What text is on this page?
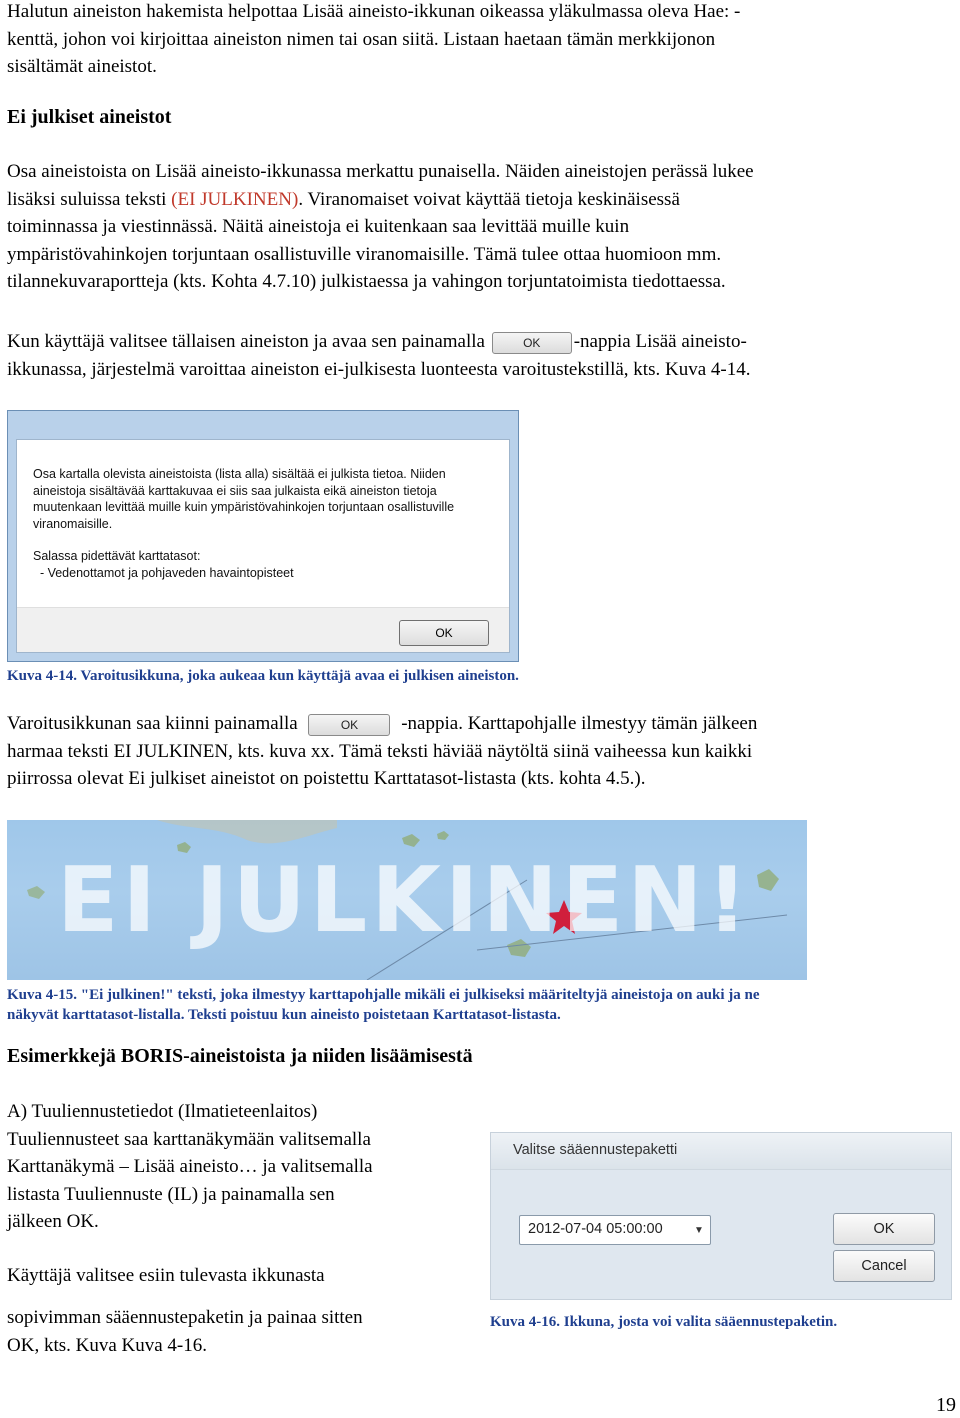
Halutun aineiston hakemista helpottaa Lisää aineisto-ikkunan oikeassa yläkulmassa oleva Hae: -

kenttä, johon voi kirjoittaa aineiston nimen tai osan siitä. Listaan haetaan tämän merkkijonon

sisältämät aineistot.

Ei julkiset aineistot

Osa aineistoista on Lisää aineisto-ikkunassa merkattu punaisella. Näiden aineistojen perässä lukee

lisäksi suluissa teksti (EI JULKINEN). Viranomaiset voivat käyttää tietoja keskinäisessä

toiminnassa ja viestinnässä. Näitä aineistoja ei kuitenkaan saa levittää muille kuin

ympäristövahinkojen torjuntaan osallistuville viranomaisille. Tämä tulee ottaa huomioon mm.

tilannekuvaraportteja (kts. Kohta 4.7.10) julkistaessa ja vahingon torjuntatoimista tiedottaessa.

Kun käyttäjä valitsee tällaisen aineiston ja avaa sen painamalla	OK -nappia Lisää aineisto-

ikkunassa, järjestelmä varoittaa aineiston ei-julkisesta luonteesta varoitustekstillä, kts. Kuva 4-14.

Osa kartalla olevista aineistoista (lista alla) sisältää ei julkista tietoa. Niiden
aineistoja sisältävää karttakuvaa ei siis saa julkaista eikä aineiston tietoja
muutenkaan levittää muille kuin ympäristövahinkojen torjuntaan osallistuville
viranomaisille.
Salassa pidettävät karttatasot:
- Vedenottamot ja pohjaveden havaintopisteet
OK
Kuva 4-14. Varoitusikkuna, joka aukeaa kun käyttäjä avaa ei julkisen aineiston.

Varoitusikkunan saa kiinni painamalla	OK -nappia. Karttapohjalle ilmestyy tämän jälkeen

harmaa teksti EI JULKINEN, kts. kuva xx. Tämä teksti häviää näytöltä siinä vaiheessa kun kaikki

piirrossa olevat Ei julkiset aineistot on poistettu Karttatasot-listasta (kts. kohta 4.5.).

EI JULKINEN!
Kuva 4-15. "Ei julkinen!" teksti, joka ilmestyy karttapohjalle mikäli ei julkiseksi määriteltyjä aineistoja on auki ja ne
näkyvät karttatasot-listalla. Teksti poistuu kun aineisto poistetaan Karttatasot-listasta.
Esimerkkejä BORIS-aineistoista ja niiden lisäämisestä

A) Tuuliennustetiedot (Ilmatieteenlaitos)

Tuuliennusteet saa karttanäkymään valitsemalla

Karttanäkymä – Lisää aineisto… ja valitsemalla

listasta Tuuliennuste (IL) ja painamalla sen

jälkeen OK.

Käyttäjä valitsee esiin tulevasta ikkunasta

sopivimman sääennustepaketin ja painaa sitten

OK, kts. Kuva Kuva 4-16.

Valitse sääennustepaketti
2012-07-04 05:00:00	▼	OK
Cancel
Kuva 4-16. Ikkuna, josta voi valita sääennustepaketin.
19
